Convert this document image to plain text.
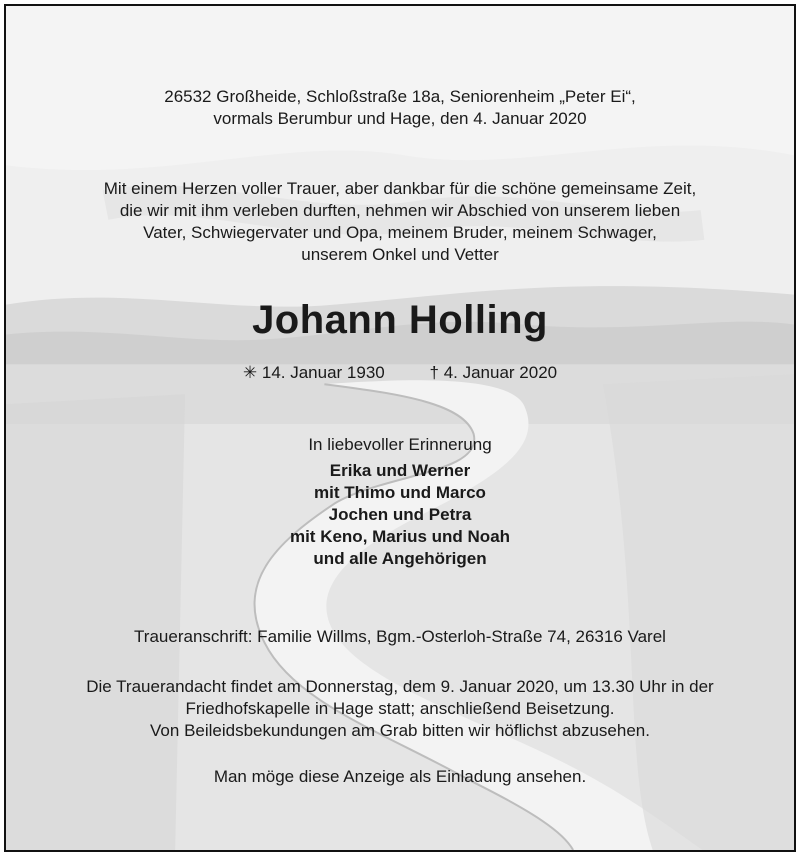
26532 Großheide, Schloßstraße 18a, Seniorenheim „Peter Ei“,

vormals Berumbur und Hage, den 4. Januar 2020

Mit einem Herzen voller Trauer, aber dankbar für die schöne gemeinsame Zeit,

die wir mit ihm verleben durften, nehmen wir Abschied von unserem lieben

Vater, Schwiegervater und Opa, meinem Bruder, meinem Schwager,

unserem Onkel und Vetter

Johann Holling
✳ 14. Januar 1930	† 4. Januar 2020

In liebevoller Erinnerung

Erika und Werner

mit Thimo und Marco

Jochen und Petra

mit Keno, Marius und Noah

und alle Angehörigen

Traueranschrift: Familie Willms, Bgm.-Osterloh-Straße 74, 26316 Varel

Die Trauerandacht findet am Donnerstag, dem 9. Januar 2020, um 13.30 Uhr in der

Friedhofskapelle in Hage statt; anschließend Beisetzung.

Von Beileidsbekundungen am Grab bitten wir höflichst abzusehen.

Man möge diese Anzeige als Einladung ansehen.
